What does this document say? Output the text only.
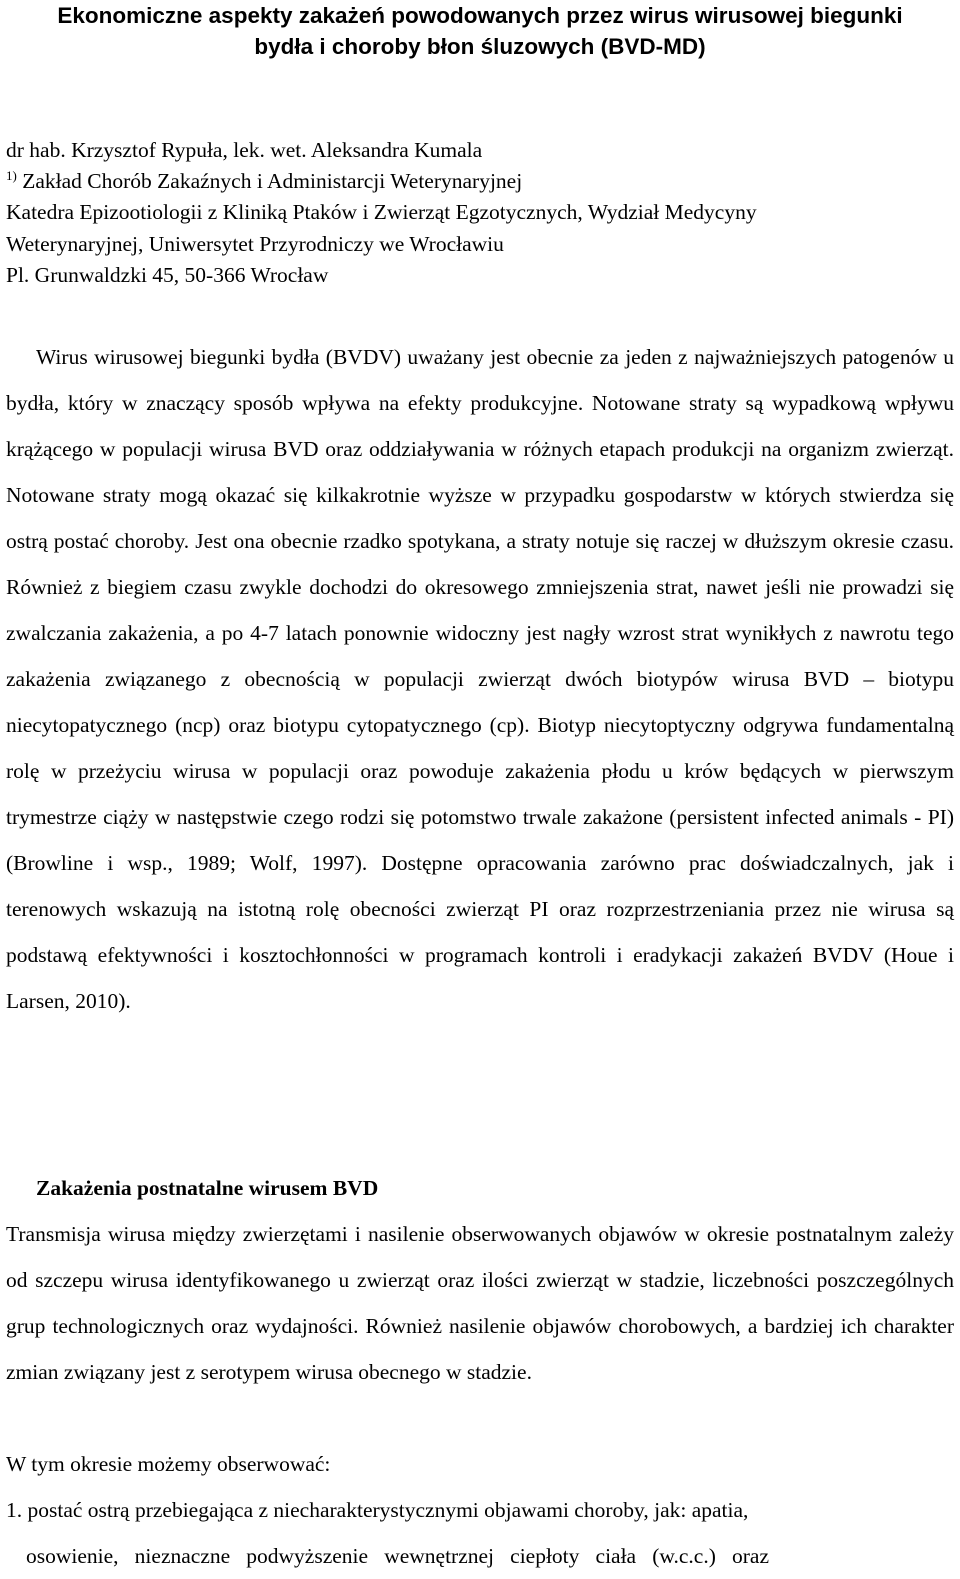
Ekonomiczne aspekty zakażeń powodowanych przez wirus wirusowej biegunki
bydła i choroby błon śluzowych (BVD-MD)
dr hab. Krzysztof Rypuła, lek. wet. Aleksandra Kumala
$^{1)}$ Zakład Chorób Zakaźnych i Administarcji Weterynaryjnej
Katedra Epizootiologii z Kliniką Ptaków i Zwierząt Egzotycznych, Wydział Medycyny
Weterynaryjnej, Uniwersytet Przyrodniczy we Wrocławiu
Pl. Grunwaldzki 45, 50-366 Wrocław

Wirus wirusowej biegunki bydła (BVDV) uważany jest obecnie za jeden z najważniejszych patogenów u bydła, który w znaczący sposób wpływa na efekty produkcyjne. Notowane straty są wypadkową wpływu krążącego w populacji wirusa BVD oraz oddziaływania w różnych etapach produkcji na organizm zwierząt. Notowane straty mogą okazać się kilkakrotnie wyższe w przypadku gospodarstw w których stwierdza się ostrą postać choroby. Jest ona obecnie rzadko spotykana, a straty notuje się raczej w dłuższym okresie czasu. Również z biegiem czasu zwykle dochodzi do okresowego zmniejszenia strat, nawet jeśli nie prowadzi się zwalczania zakażenia, a po 4-7 latach ponownie widoczny jest nagły wzrost strat wynikłych z nawrotu tego zakażenia związanego z obecnością w populacji zwierząt dwóch biotypów wirusa BVD – biotypu niecytopatycznego (ncp) oraz biotypu cytopatycznego (cp). Biotyp niecytoptyczny odgrywa fundamentalną rolę w przeżyciu wirusa w populacji oraz powoduje zakażenia płodu u krów będących w pierwszym trymestrze ciąży w następstwie czego rodzi się potomstwo trwale zakażone (persistent infected animals - PI) (Browline i wsp., 1989; Wolf, 1997). Dostępne opracowania zarówno prac doświadczalnych, jak i terenowych wskazują na istotną rolę obecności zwierząt PI oraz rozprzestrzeniania przez nie wirusa są podstawą efektywności i kosztochłonności w programach kontroli i eradykacji zakażeń BVDV (Houe i Larsen, 2010).

Zakażenia postnatalne wirusem BVD

Transmisja wirusa między zwierzętami i nasilenie obserwowanych objawów w okresie postnatalnym zależy od szczepu wirusa identyfikowanego u zwierząt oraz ilości zwierząt w stadzie, liczebności poszczególnych grup technologicznych oraz wydajności. Również nasilenie objawów chorobowych, a bardziej ich charakter zmian związany jest z serotypem wirusa obecnego w stadzie.

W tym okresie możemy obserwować:
1. postać ostrą przebiegająca z niecharakterystycznymi objawami choroby, jak: apatia,
osowienie,   nieznaczne   podwyższenie   wewnętrznej   ciepłoty   ciała   (w.c.c.)   oraz
